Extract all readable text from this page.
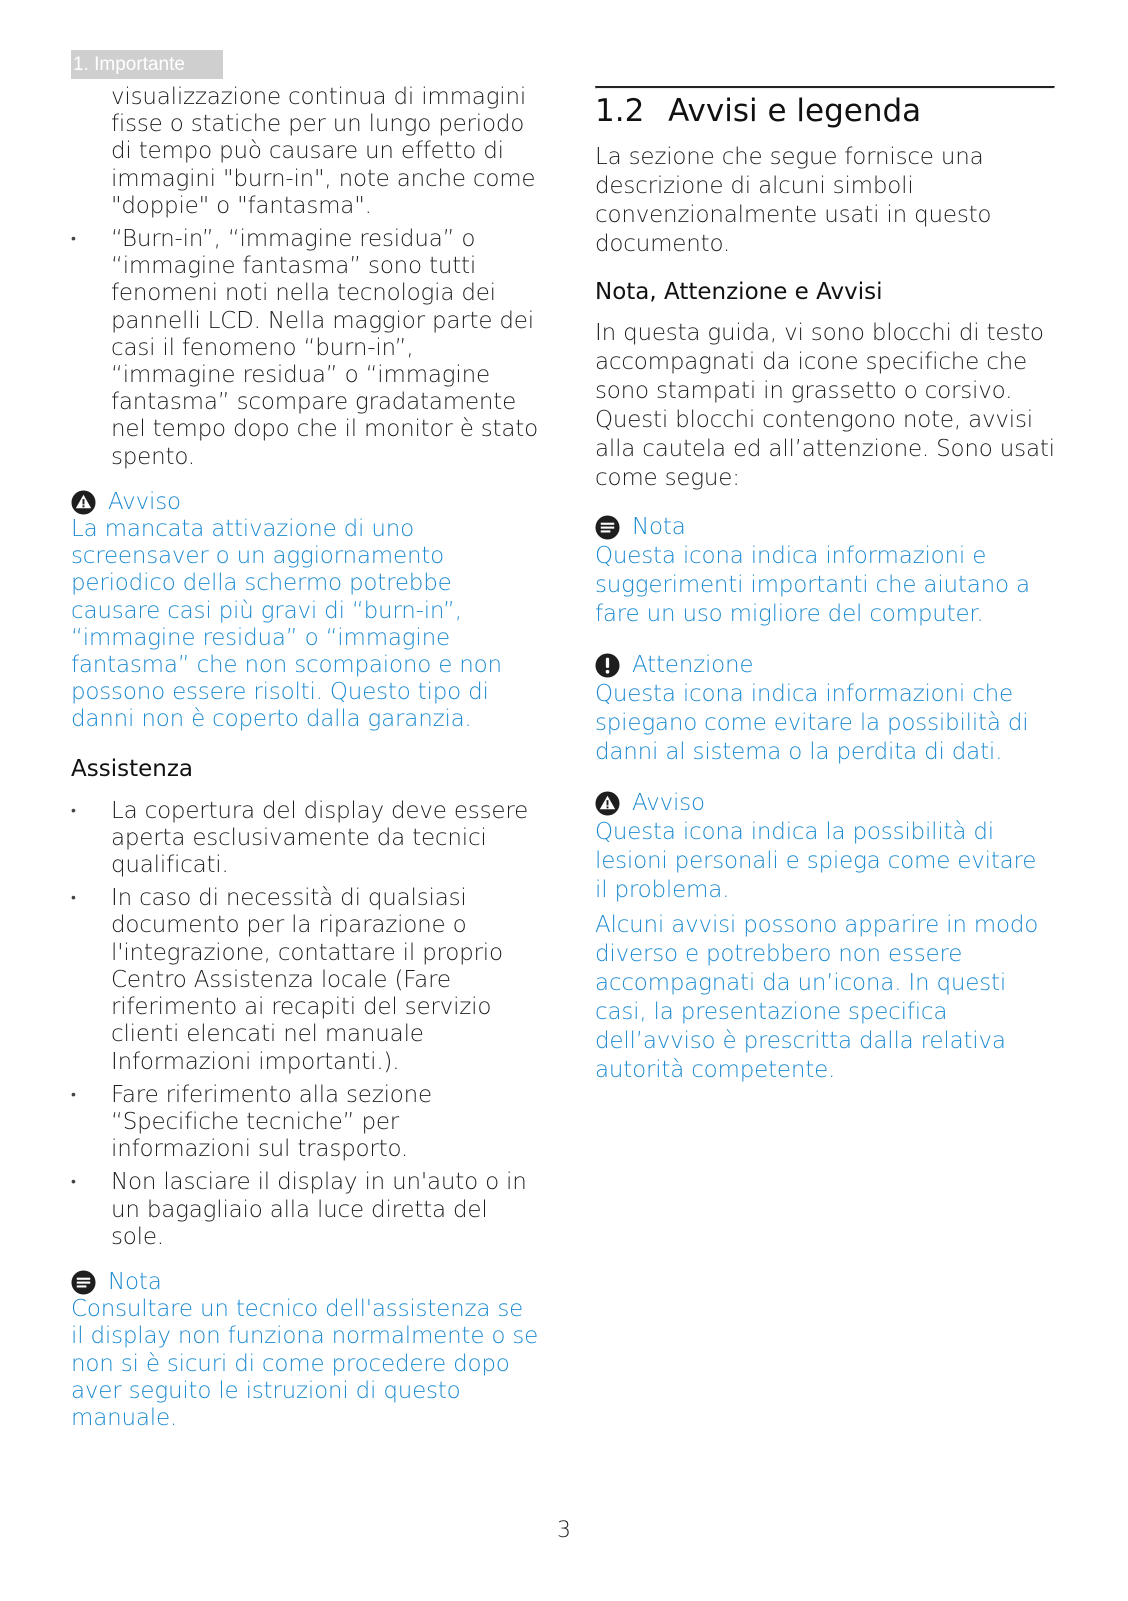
1. Importante

visualizzazione continua di immagini fisse o statiche per un lungo periodo di tempo può causare un effetto di immagini "burn-in", note anche come "doppie" o "fantasma".

• “Burn-in”, “immagine residua” o “immagine fantasma” sono tutti fenomeni noti nella tecnologia dei pannelli LCD. Nella maggior parte dei casi il fenomeno “burn-in”, “immagine residua” o “immagine fantasma” scompare gradatamente nel tempo dopo che il monitor è stato spento.
Avviso

La mancata attivazione di uno screensaver o un aggiornamento periodico della schermo potrebbe causare casi più gravi di “burn-in”, “immagine residua” o “immagine fantasma” che non scompaiono e non possono essere risolti. Questo tipo di danni non è coperto dalla garanzia.

Assistenza
• La copertura del display deve essere aperta esclusivamente da tecnici qualificati.
• In caso di necessità di qualsiasi documento per la riparazione o l'integrazione, contattare il proprio Centro Assistenza locale (Fare riferimento ai recapiti del servizio clienti elencati nel manuale Informazioni importanti.).
• Fare riferimento alla sezione “Specifiche tecniche” per informazioni sul trasporto.
• Non lasciare il display in un'auto o in un bagagliaio alla luce diretta del sole.
Nota

Consultare un tecnico dell'assistenza se il display non funziona normalmente o se non si è sicuri di come procedere dopo aver seguito le istruzioni di questo manuale.

1.2 Avvisi e legenda

La sezione che segue fornisce una descrizione di alcuni simboli convenzionalmente usati in questo documento.

Nota, Attenzione e Avvisi

In questa guida, vi sono blocchi di testo accompagnati da icone specifiche che sono stampati in grassetto o corsivo. Questi blocchi contengono note, avvisi alla cautela ed all’attenzione. Sono usati come segue:

Nota

Questa icona indica informazioni e suggerimenti importanti che aiutano a fare un uso migliore del computer.

Attenzione

Questa icona indica informazioni che spiegano come evitare la possibilità di danni al sistema o la perdita di dati.

Avviso

Questa icona indica la possibilità di lesioni personali e spiega come evitare il problema.

Alcuni avvisi possono apparire in modo diverso e potrebbero non essere accompagnati da un’icona. In questi casi, la presentazione specifica dell’avviso è prescritta dalla relativa autorità competente.

3
